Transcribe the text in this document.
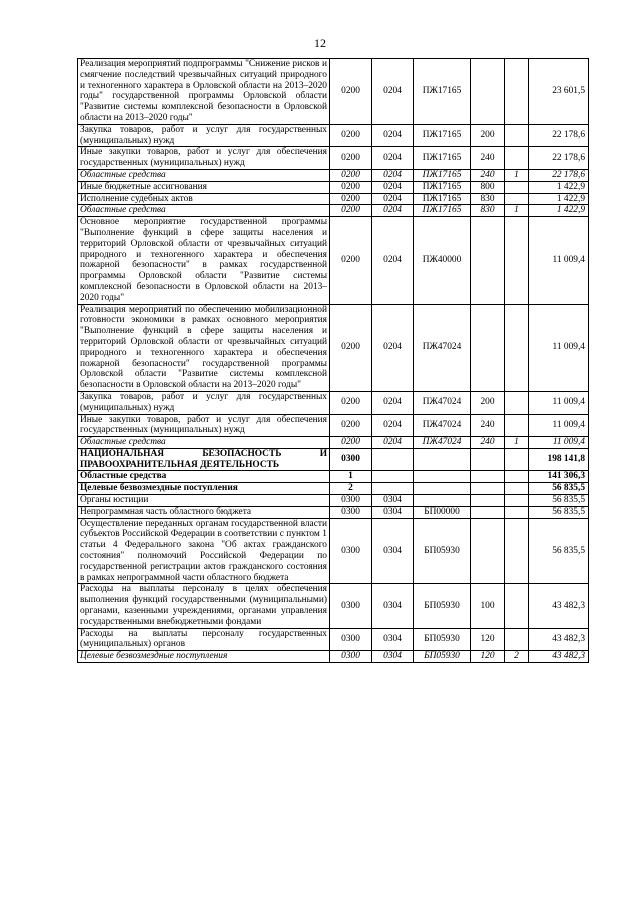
12
Реализация мероприятий подпрограммы "Снижение рисков и смягчение последствий чрезвычайных ситуаций природного и техногенного характера в Орловской области на 2013–2020 годы" государственной программы Орловской области "Развитие системы комплексной безопасности в Орловской области на 2013–2020 годы"	0200	0204	ПЖ17165			23 601,5
Закупка товаров, работ и услуг для государственных (муниципальных) нужд	0200	0204	ПЖ17165	200		22 178,6
Иные закупки товаров, работ и услуг для обеспечения государственных (муниципальных) нужд	0200	0204	ПЖ17165	240		22 178,6
Областные средства	0200	0204	ПЖ17165	240	1	22 178,6
Иные бюджетные ассигнования	0200	0204	ПЖ17165	800		1 422,9
Исполнение судебных актов	0200	0204	ПЖ17165	830		1 422,9
Областные средства	0200	0204	ПЖ17165	830	1	1 422,9
Основное мероприятие государственной программы "Выполнение функций в сфере защиты населения и территорий Орловской области от чрезвычайных ситуаций природного и техногенного характера и обеспечения пожарной безопасности" в рамках государственной программы Орловской области "Развитие системы комплексной безопасности в Орловской области на 2013–2020 годы"	0200	0204	ПЖ40000			11 009,4
Реализация мероприятий по обеспечению мобилизационной готовности экономики в рамках основного мероприятия "Выполнение функций в сфере защиты населения и территорий Орловской области от чрезвычайных ситуаций природного и техногенного характера и обеспечения пожарной безопасности" государственной программы Орловской области "Развитие системы комплексной безопасности в Орловской области на 2013–2020 годы"	0200	0204	ПЖ47024			11 009,4
Закупка товаров, работ и услуг для государственных (муниципальных) нужд	0200	0204	ПЖ47024	200		11 009,4
Иные закупки товаров, работ и услуг для обеспечения государственных (муниципальных) нужд	0200	0204	ПЖ47024	240		11 009,4
Областные средства	0200	0204	ПЖ47024	240	1	11 009,4
НАЦИОНАЛЬНАЯ БЕЗОПАСНОСТЬ И ПРАВООХРАНИТЕЛЬНАЯ ДЕЯТЕЛЬНОСТЬ	0300					198 141,8
Областные средства	1					141 306,3
Целевые безвозмездные поступления	2					56 835,5
Органы юстиции	0300	0304				56 835,5
Непрограммная часть областного бюджета	0300	0304	БП00000			56 835,5
Осуществление переданных органам государственной власти субъектов Российской Федерации в соответствии с пунктом 1 статьи 4 Федерального закона "Об актах гражданского состояния" полномочий Российской Федерации по государственной регистрации актов гражданского состояния в рамках непрограммной части областного бюджета	0300	0304	БП05930			56 835,5
Расходы на выплаты персоналу в целях обеспечения выполнения функций государственными (муниципальными) органами, казенными учреждениями, органами управления государственными внебюджетными фондами	0300	0304	БП05930	100		43 482,3
Расходы на выплаты персоналу государственных (муниципальных) органов	0300	0304	БП05930	120		43 482,3
Целевые безвозмездные поступления	0300	0304	БП05930	120	2	43 482,3
